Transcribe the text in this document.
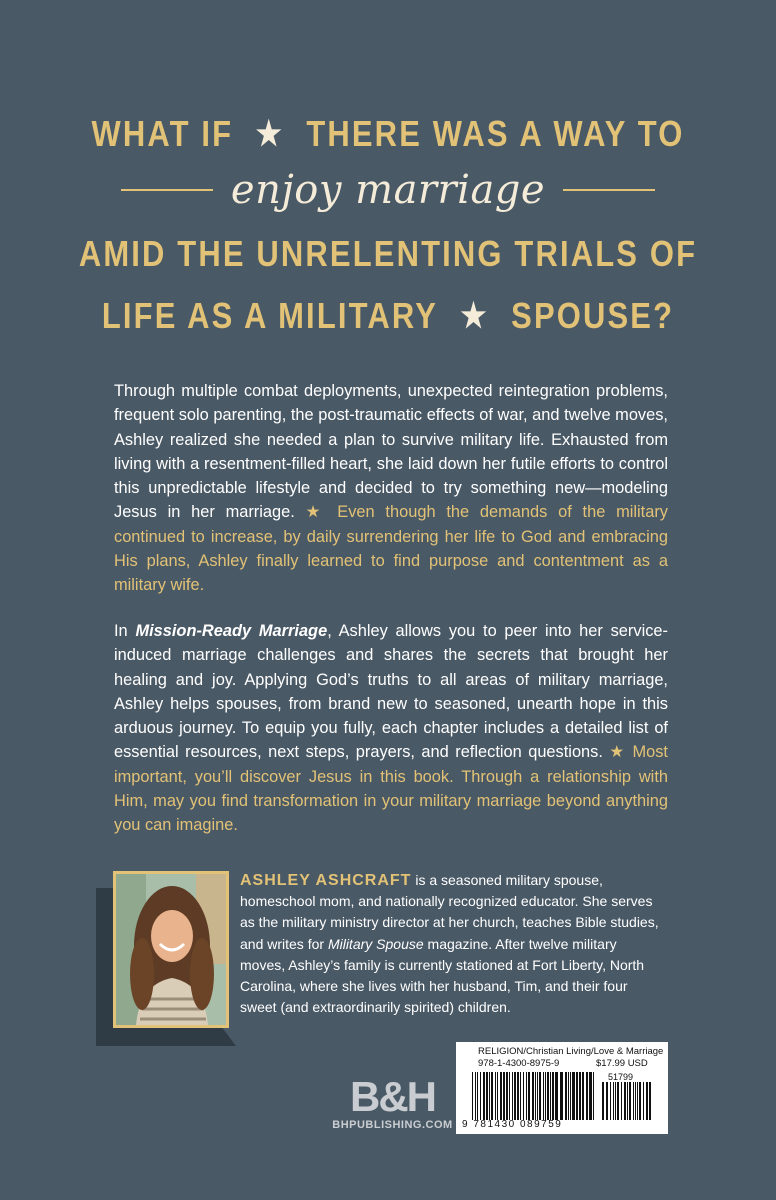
WHAT IF ★ THERE WAS A WAY TO
enjoy marriage
AMID THE UNRELENTING TRIALS OF
LIFE AS A MILITARY ★ SPOUSE?
Through multiple combat deployments, unexpected reintegration problems, frequent solo parenting, the post-traumatic effects of war, and twelve moves, Ashley realized she needed a plan to survive military life. Exhausted from living with a resentment-filled heart, she laid down her futile efforts to control this unpredictable lifestyle and decided to try something new—modeling Jesus in her marriage. ★ Even though the demands of the military continued to increase, by daily surrendering her life to God and embracing His plans, Ashley finally learned to find purpose and contentment as a military wife.
In Mission-Ready Marriage, Ashley allows you to peer into her service-induced marriage challenges and shares the secrets that brought her healing and joy. Applying God’s truths to all areas of military marriage, Ashley helps spouses, from brand new to seasoned, unearth hope in this arduous journey. To equip you fully, each chapter includes a detailed list of essential resources, next steps, prayers, and reflection questions. ★ Most important, you’ll discover Jesus in this book. Through a relationship with Him, may you find transformation in your military marriage beyond anything you can imagine.
ASHLEY ASHCRAFT is a seasoned military spouse, homeschool mom, and nationally recognized educator. She serves as the military ministry director at her church, teaches Bible studies, and writes for Military Spouse magazine. After twelve military moves, Ashley’s family is currently stationed at Fort Liberty, North Carolina, where she lives with her husband, Tim, and their four sweet (and extraordinarily spirited) children.
B&H
BHPUBLISHING.COM
RELIGION/Christian Living/Love & Marriage
978-1-4300-8975-9	$17.99 USD
51799
9 781430 089759
